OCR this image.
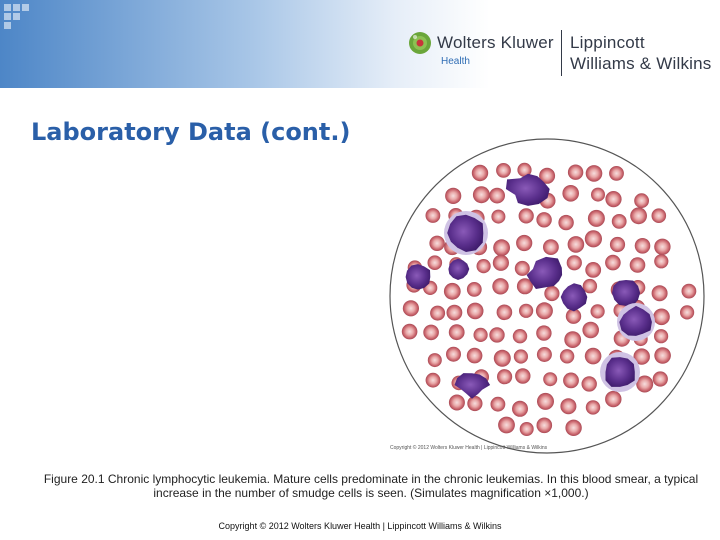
Wolters Kluwer
Health
Lippincott
Williams & Wilkins
Laboratory Data (cont.)
Copyright © 2012 Wolters Kluwer Health | Lippincott Williams & Wilkins

Figure 20.1 Chronic lymphocytic leukemia. Mature cells predominate in the chronic leukemias. In this blood smear, a typical increase in the number of smudge cells is seen. (Simulates magnification ×1,000.)

Copyright © 2012 Wolters Kluwer Health | Lippincott Williams & Wilkins
